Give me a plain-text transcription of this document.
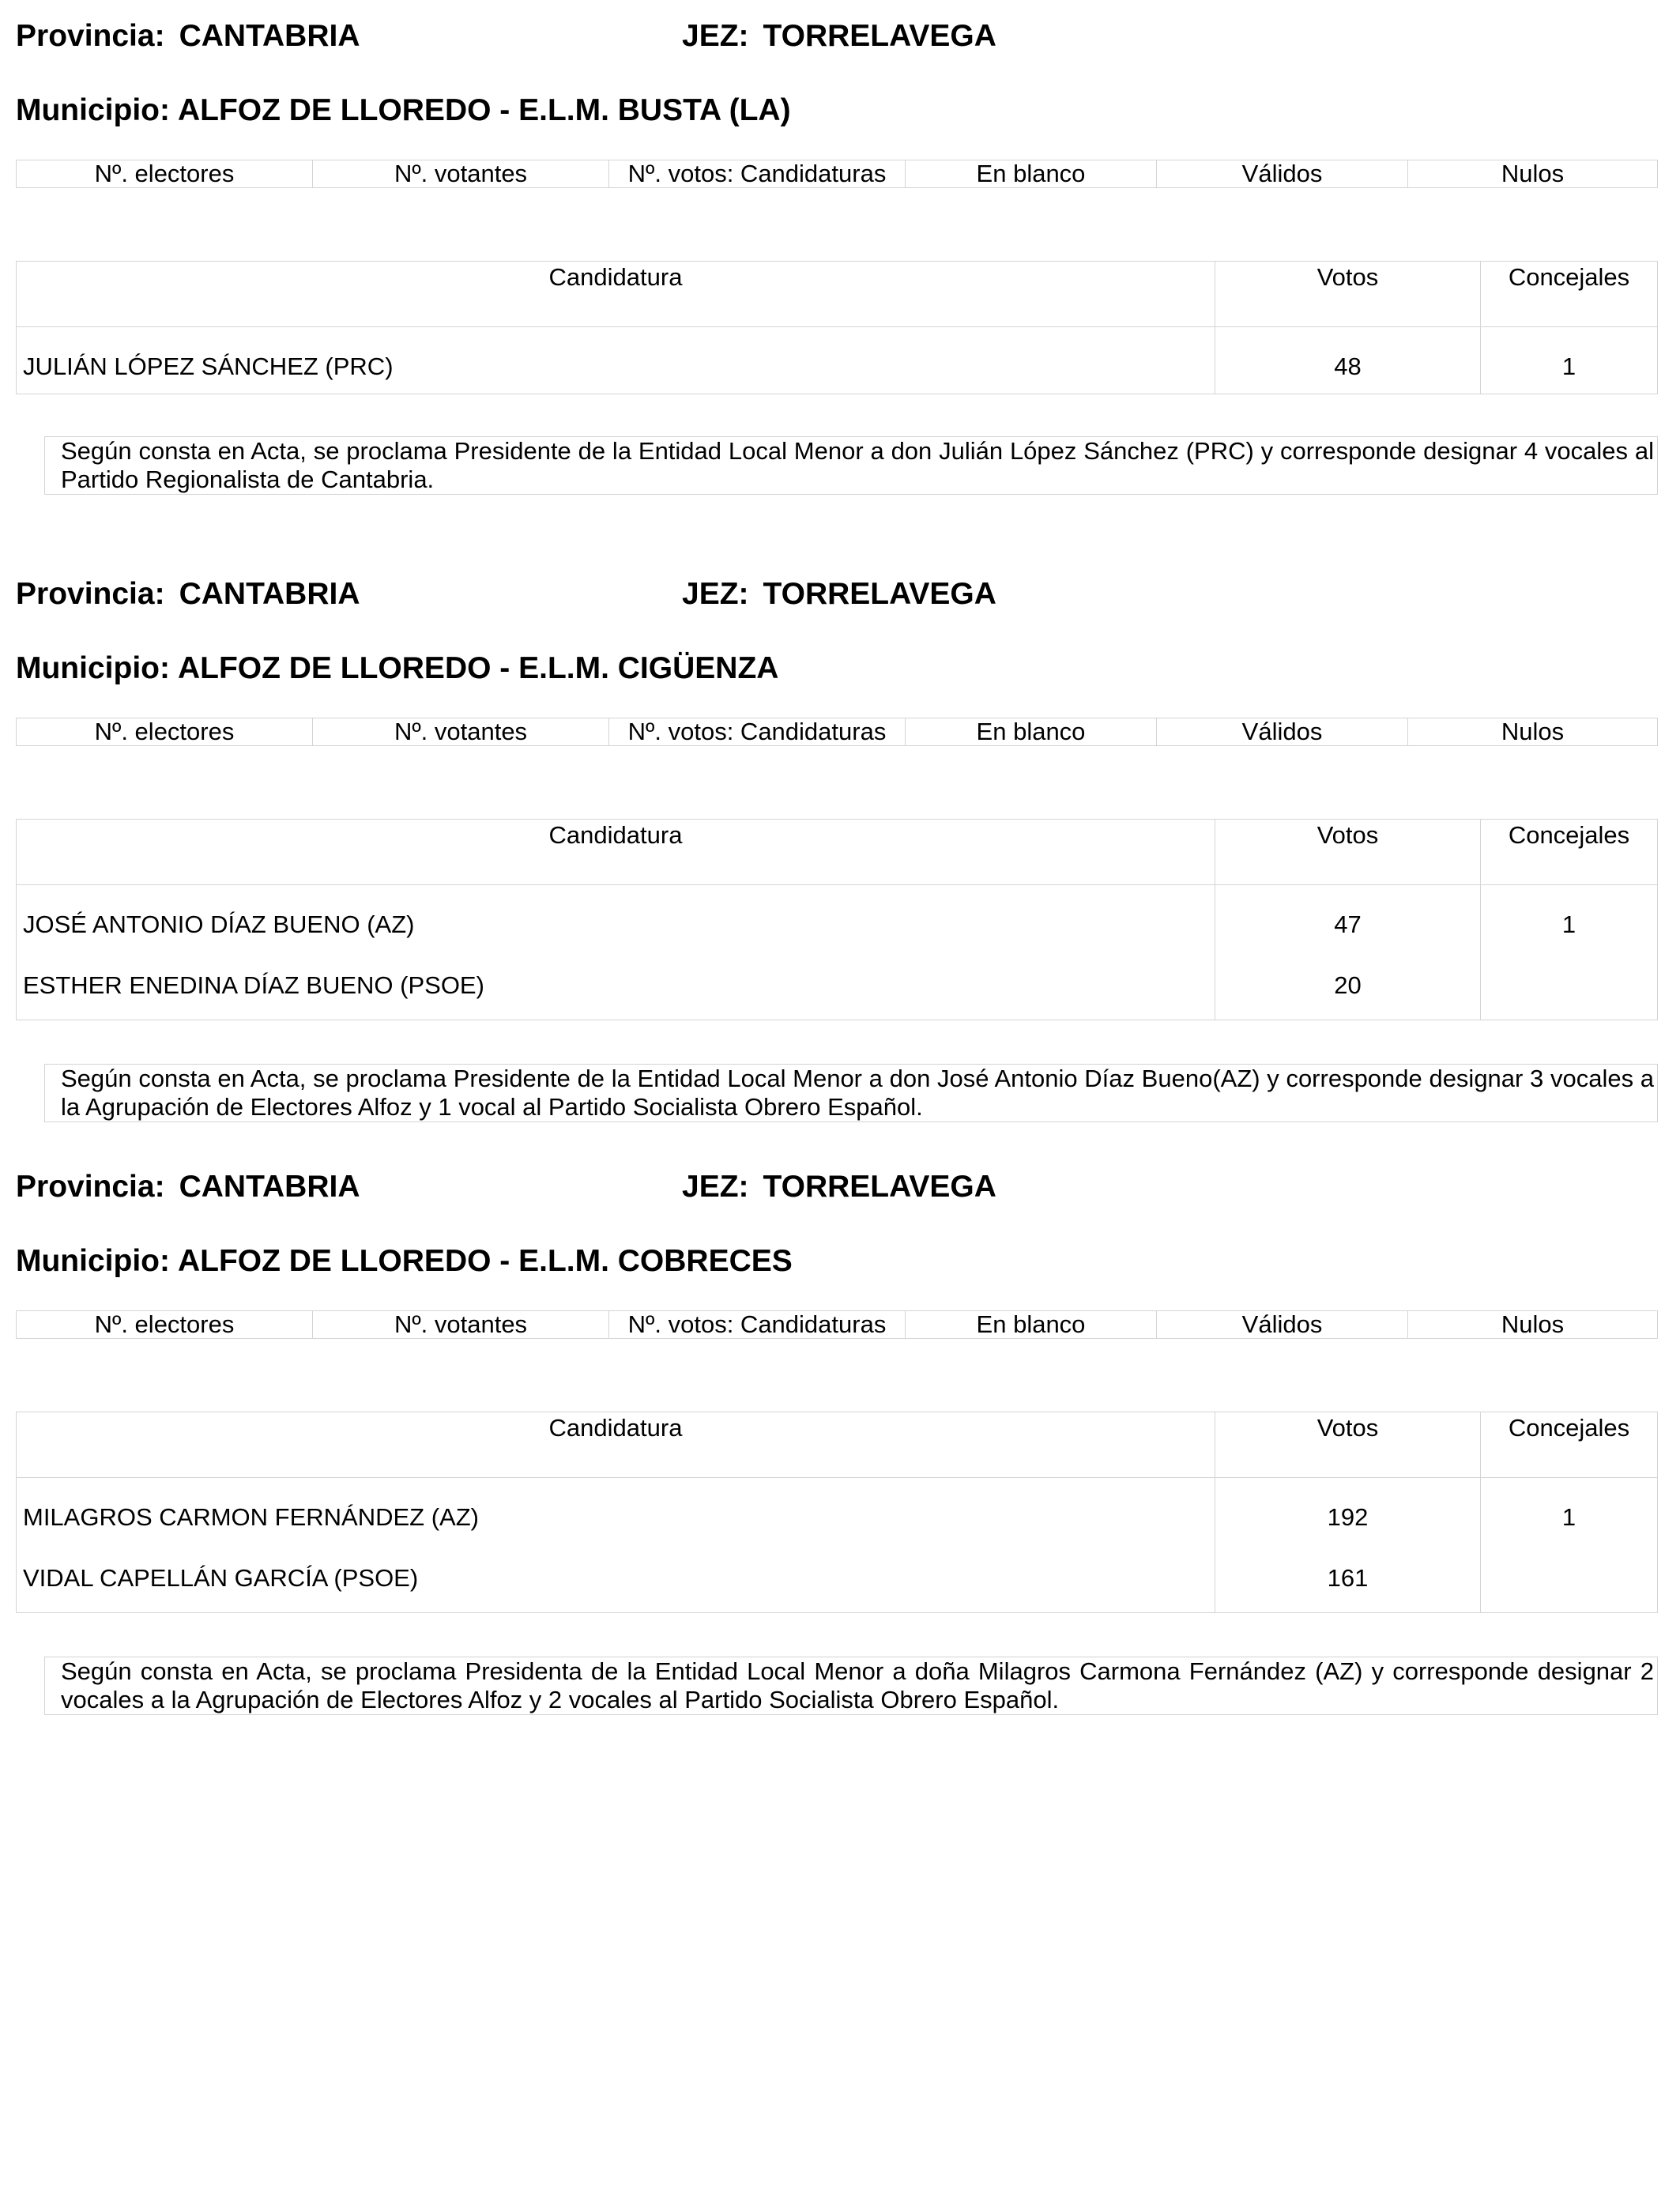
Provincia: CANTABRIA	JEZ: TORRELAVEGA
Municipio: ALFOZ DE LLOREDO - E.L.M. BUSTA (LA)
Nº. electores	Nº. votantes	Nº. votos: Candidaturas	En blanco	Válidos	Nulos
Candidatura	Votos	Concejales
JULIÁN LÓPEZ SÁNCHEZ (PRC)	48	1
Según consta en Acta, se proclama Presidente de la Entidad Local Menor a don Julián López Sánchez (PRC) y corresponde designar 4 vocales al Partido Regionalista de Cantabria.
Provincia: CANTABRIA	JEZ: TORRELAVEGA
Municipio: ALFOZ DE LLOREDO - E.L.M. CIGÜENZA
Nº. electores	Nº. votantes	Nº. votos: Candidaturas	En blanco	Válidos	Nulos
Candidatura	Votos	Concejales
JOSÉ ANTONIO DÍAZ BUENO (AZ)	47	1
ESTHER ENEDINA DÍAZ BUENO (PSOE)	20
Según consta en Acta, se proclama Presidente de la Entidad Local Menor a don José Antonio Díaz Bueno(AZ) y corresponde designar 3 vocales a la Agrupación de Electores Alfoz y 1 vocal al Partido Socialista Obrero Español.
Provincia: CANTABRIA	JEZ: TORRELAVEGA
Municipio: ALFOZ DE LLOREDO - E.L.M. COBRECES
Nº. electores	Nº. votantes	Nº. votos: Candidaturas	En blanco	Válidos	Nulos
Candidatura	Votos	Concejales
MILAGROS CARMON FERNÁNDEZ (AZ)	192	1
VIDAL CAPELLÁN GARCÍA (PSOE)	161
Según consta en Acta, se proclama Presidenta de la Entidad Local Menor a doña Milagros Carmona Fernández (AZ) y corresponde designar 2 vocales a la Agrupación de Electores Alfoz y 2 vocales al Partido Socialista Obrero Español.
